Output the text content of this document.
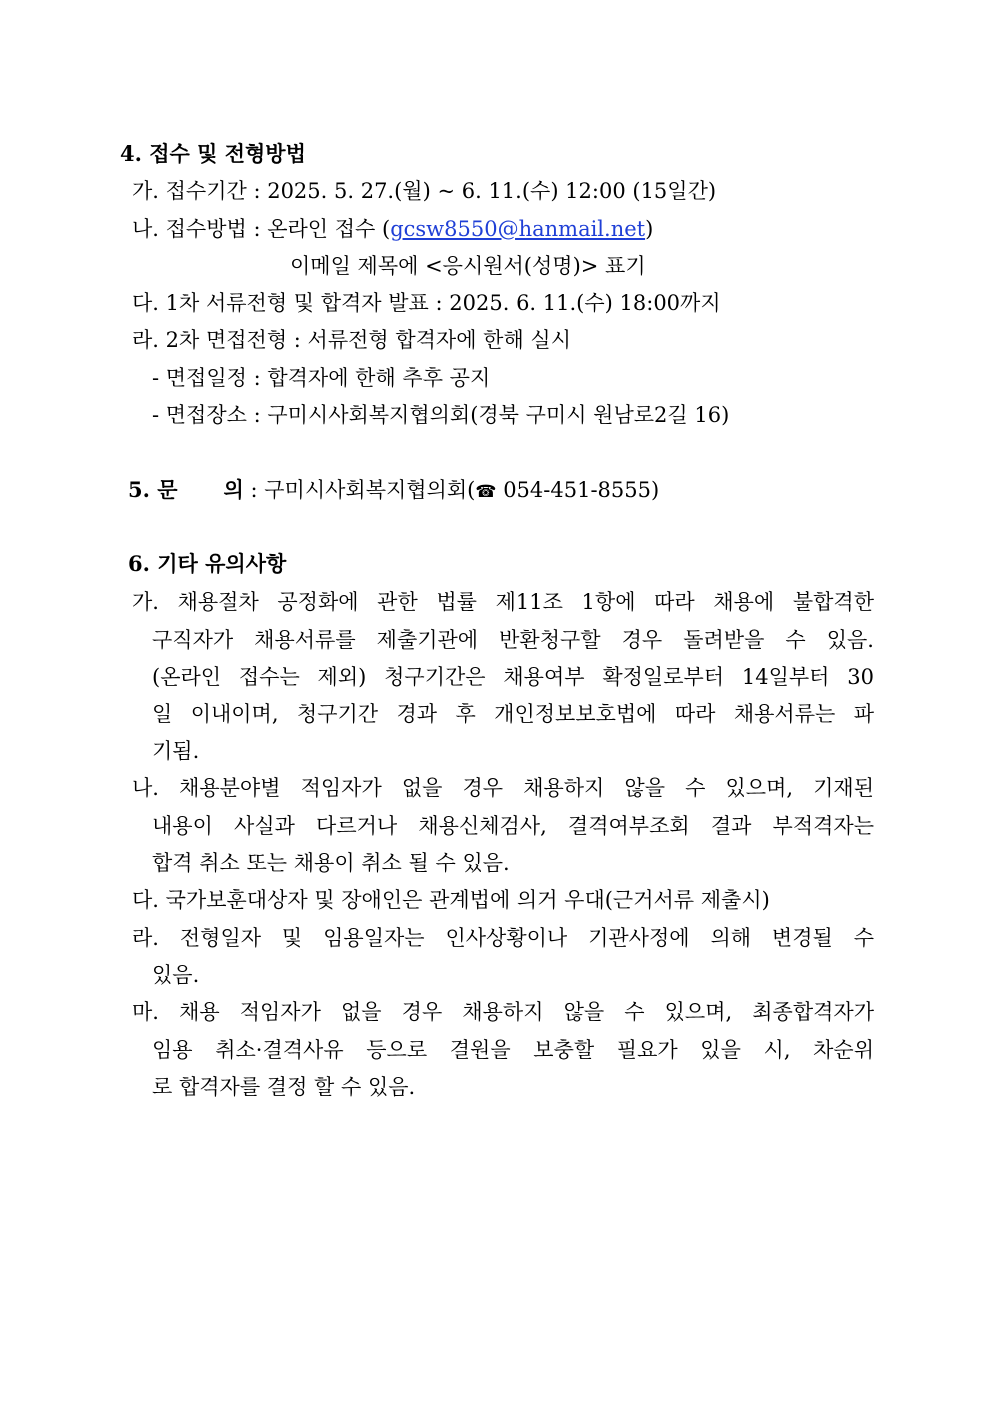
4. 접수 및 전형방법
가. 접수기간 : 2025. 5. 27.(월) ~ 6. 11.(수) 12:00 (15일간)
나. 접수방법 : 온라인 접수 (gcsw8550@hanmail.net)
이메일 제목에 <응시원서(성명)> 표기
다. 1차 서류전형 및 합격자 발표 : 2025. 6. 11.(수) 18:00까지
라. 2차 면접전형 : 서류전형 합격자에 한해 실시
- 면접일정 : 합격자에 한해 추후 공지
- 면접장소 : 구미시사회복지협의회(경북 구미시 원남로2길 16)
5. 문 의 : 구미시사회복지협의회(☎ 054-451-8555)
6. 기타 유의사항
가. 채용절차 공정화에 관한 법률 제11조 1항에 따라 채용에 불합격한
구직자가 채용서류를 제출기관에 반환청구할 경우 돌려받을 수 있음.
(온라인 접수는 제외) 청구기간은 채용여부 확정일로부터 14일부터 30
일 이내이며, 청구기간 경과 후 개인정보보호법에 따라 채용서류는 파
기됨.
나. 채용분야별 적임자가 없을 경우 채용하지 않을 수 있으며, 기재된
내용이 사실과 다르거나 채용신체검사, 결격여부조회 결과 부적격자는
합격 취소 또는 채용이 취소 될 수 있음.
다. 국가보훈대상자 및 장애인은 관계법에 의거 우대(근거서류 제출시)
라. 전형일자 및 임용일자는 인사상황이나 기관사정에 의해 변경될 수
있음.
마. 채용 적임자가 없을 경우 채용하지 않을 수 있으며, 최종합격자가
임용 취소·결격사유 등으로 결원을 보충할 필요가 있을 시, 차순위
로 합격자를 결정 할 수 있음.
